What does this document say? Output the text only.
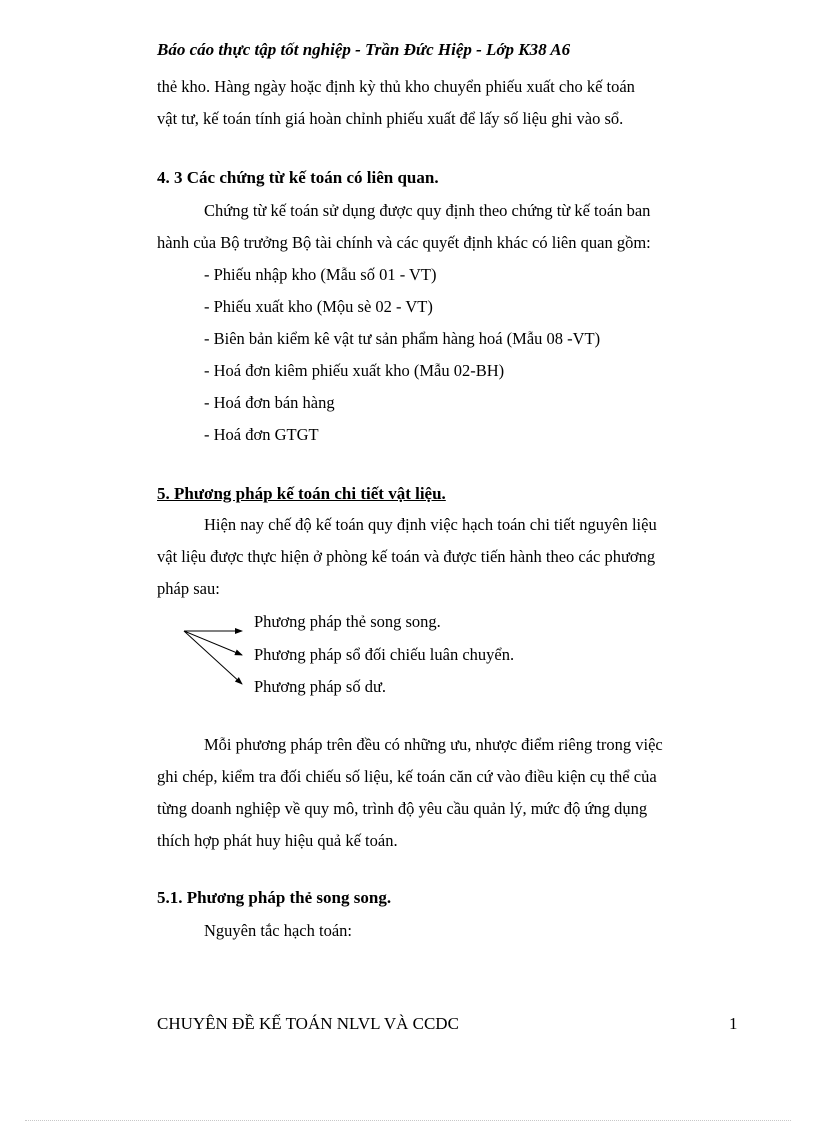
Báo cáo thực tập tốt nghiệp - Trần Đức Hiệp - Lớp K38 A6
thẻ kho. Hàng ngày hoặc định kỳ thủ kho chuyển phiếu xuất cho kế toán
vật tư, kế toán tính giá hoàn chỉnh phiếu xuất để lấy số liệu ghi vào sổ.
4. 3 Các chứng từ kế toán có liên quan.
Chứng từ kế toán sử dụng được quy định theo chứng từ kế toán ban
hành của Bộ trưởng Bộ tài chính và các quyết định khác có liên quan gồm:
- Phiếu nhập kho (Mẫu số 01 - VT)
- Phiếu xuất kho (Mộu sè 02 - VT)
- Biên bản kiểm kê vật tư sản phẩm hàng hoá (Mẫu 08 -VT)
- Hoá đơn kiêm phiếu xuất kho (Mẫu 02-BH)
- Hoá đơn bán hàng
- Hoá đơn GTGT
5. Phương pháp kế toán chi tiết vật liệu.
Hiện nay chế độ kế toán quy định việc hạch toán chi tiết nguyên liệu
vật liệu được thực hiện ở phòng kế toán và được tiến hành theo các phương
pháp sau:
Phương pháp thẻ song song.
Phương pháp sổ đối chiếu luân chuyển.
Phương pháp số dư.
Mỗi phương pháp trên đều có những ưu, nhược điểm riêng trong việc
ghi chép, kiểm tra đối chiếu số liệu, kế toán căn cứ vào điều kiện cụ thể của
từng doanh nghiệp về quy mô, trình độ yêu cầu quản lý, mức độ ứng dụng
thích hợp phát huy hiệu quả kế toán.
5.1. Phương pháp thẻ song song.
Nguyên tắc hạch toán:
CHUYÊN ĐỀ KẾ TOÁN NLVL VÀ CCDC	1
